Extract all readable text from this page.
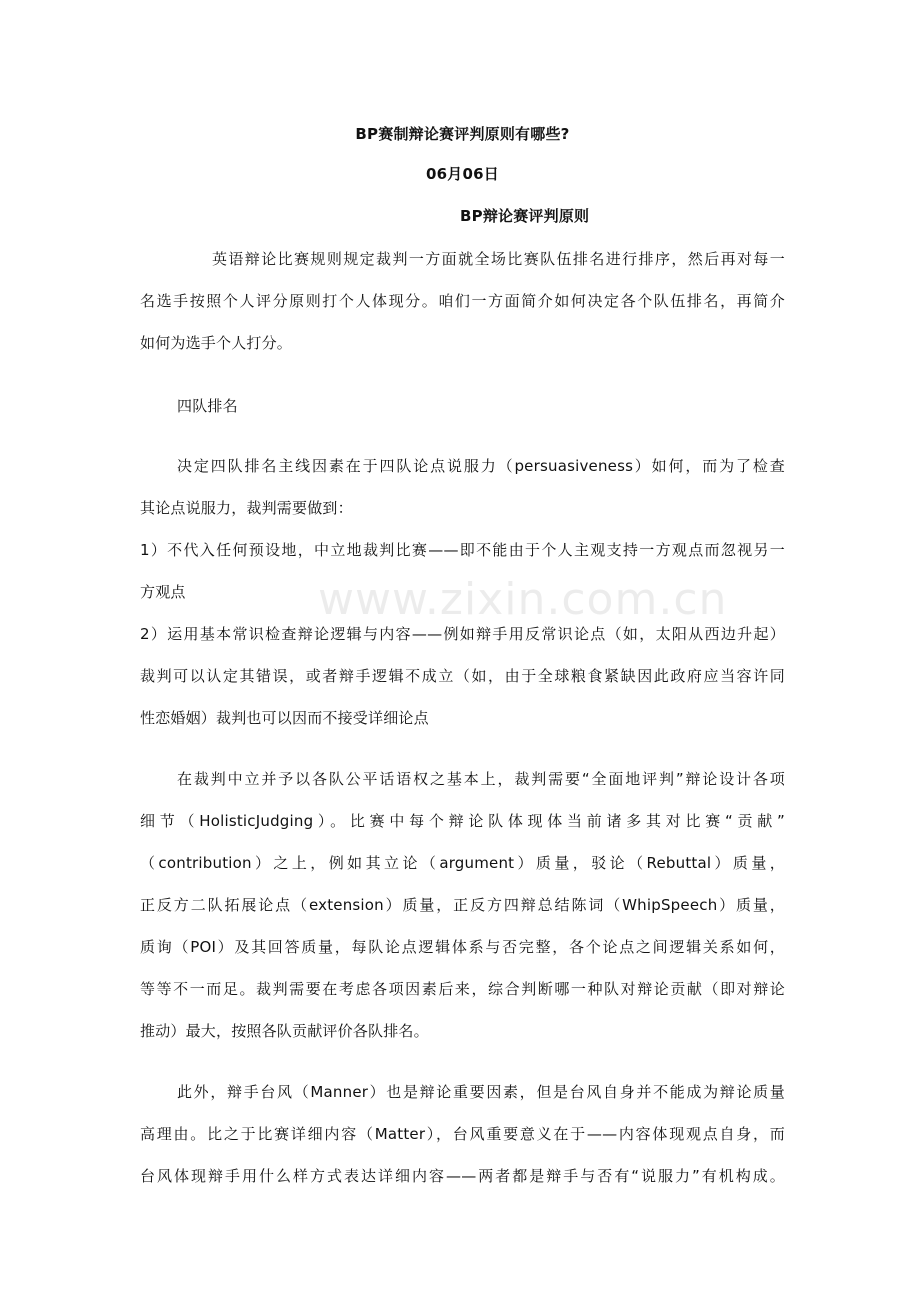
www.zixin.com.cn
BP赛制辩论赛评判原则有哪些?
06月06日
BP辩论赛评判原则
英语辩论比赛规则规定裁判一方面就全场比赛队伍排名进行排序，然后再对每一
名选手按照个人评分原则打个人体现分。咱们一方面简介如何决定各个队伍排名，再简介
如何为选手个人打分。
四队排名
决定四队排名主线因素在于四队论点说服力（persuasiveness）如何，而为了检查
其论点说服力，裁判需要做到：
1）不代入任何预设地，中立地裁判比赛——即不能由于个人主观支持一方观点而忽视另一
方观点
2）运用基本常识检查辩论逻辑与内容——例如辩手用反常识论点（如，太阳从西边升起）
裁判可以认定其错误，或者辩手逻辑不成立（如，由于全球粮食紧缺因此政府应当容许同
性恋婚姻）裁判也可以因而不接受详细论点
在裁判中立并予以各队公平话语权之基本上，裁判需要“全面地评判”辩论设计各项
细节（HolisticJudging）。比赛中每个辩论队体现体当前诸多其对比赛“贡献”
（contribution）之上，例如其立论（argument）质量，驳论（Rebuttal）质量，
正反方二队拓展论点（extension）质量，正反方四辩总结陈词（WhipSpeech）质量，
质询（POI）及其回答质量，每队论点逻辑体系与否完整，各个论点之间逻辑关系如何，
等等不一而足。裁判需要在考虑各项因素后来，综合判断哪一种队对辩论贡献（即对辩论
推动）最大，按照各队贡献评价各队排名。
此外，辩手台风（Manner）也是辩论重要因素，但是台风自身并不能成为辩论质量
高理由。比之于比赛详细内容（Matter），台风重要意义在于——内容体现观点自身，而
台风体现辩手用什么样方式表达详细内容——两者都是辩手与否有“说服力”有机构成。
